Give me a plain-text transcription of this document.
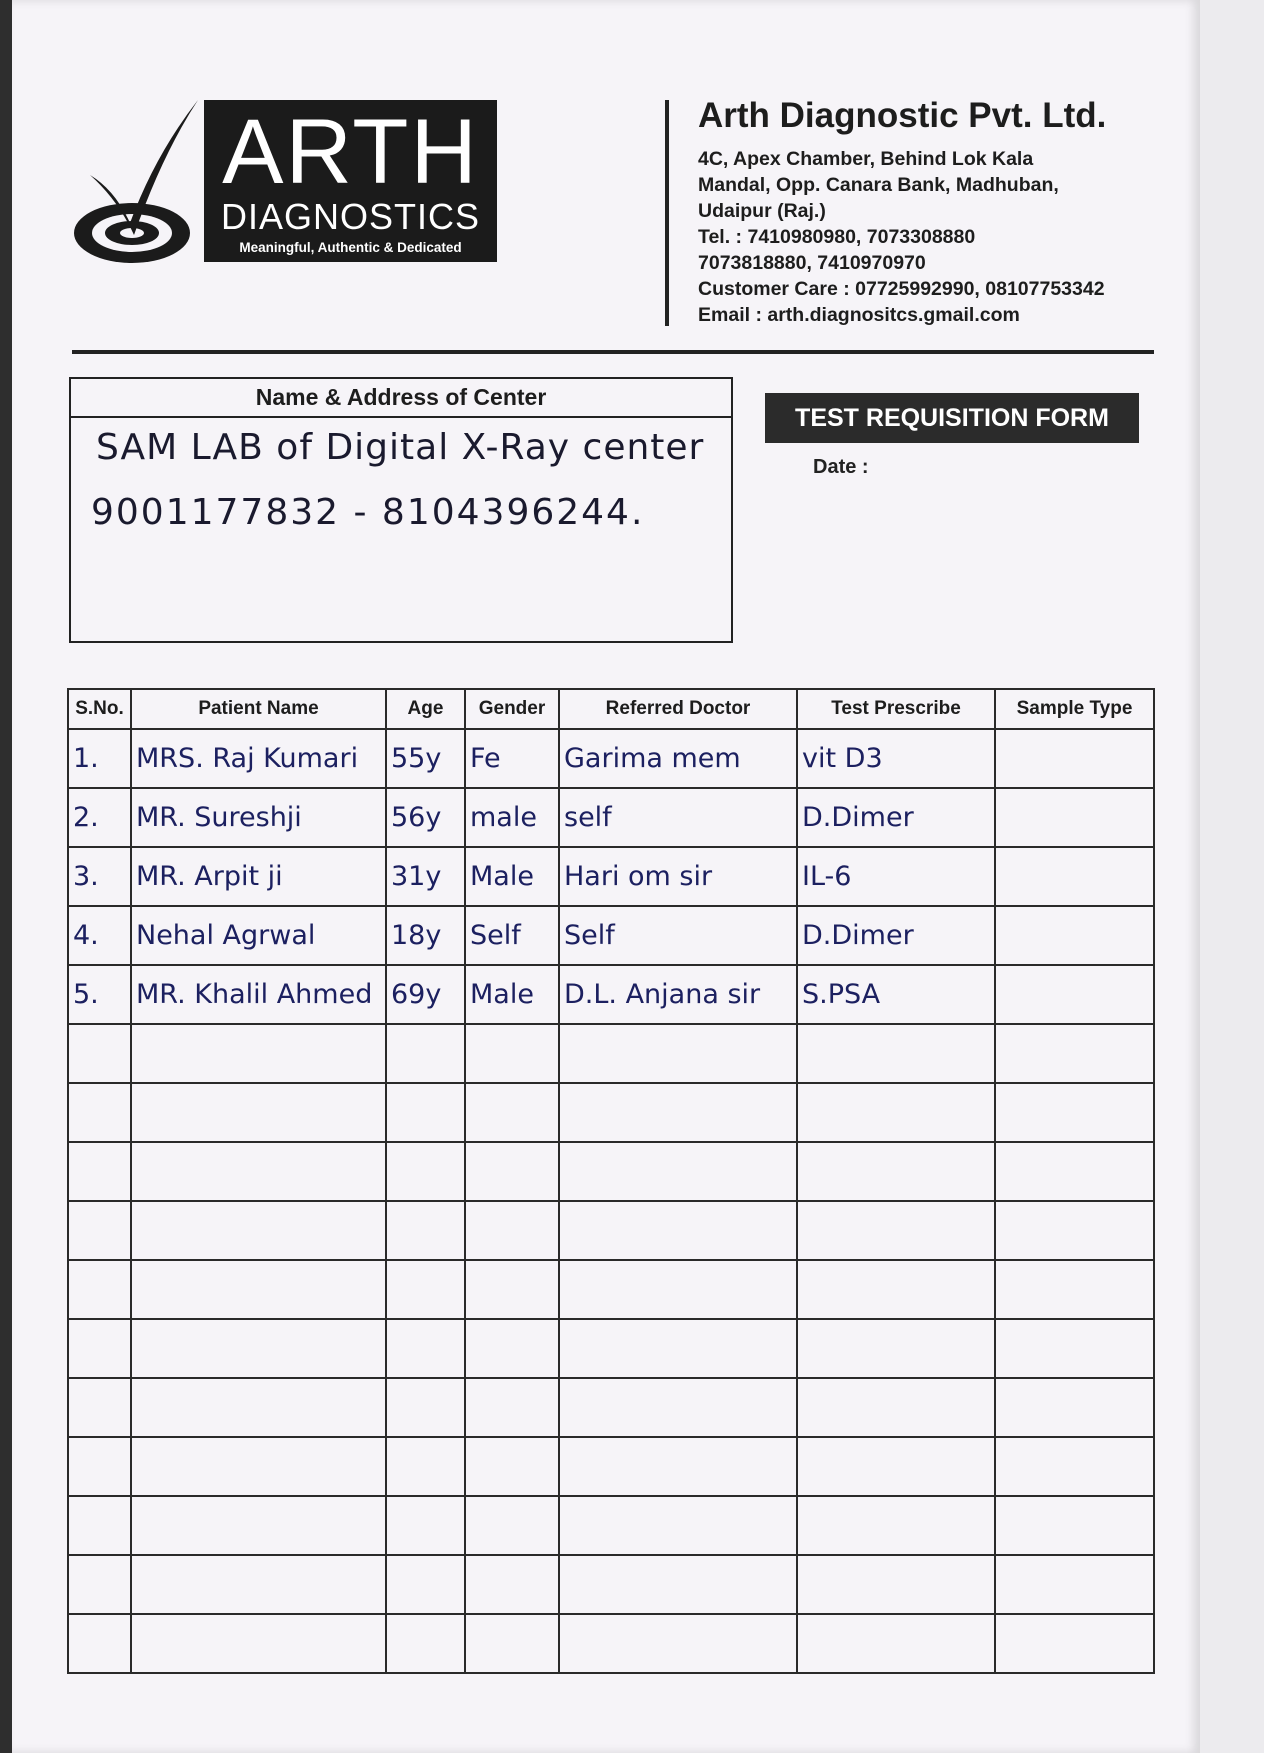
ARTH
DIAGNOSTICS
Meaningful, Authentic & Dedicated
Arth Diagnostic Pvt. Ltd.
4C, Apex Chamber, Behind Lok Kala
Mandal, Opp. Canara Bank, Madhuban,
Udaipur (Raj.)
Tel. : 7410980980, 7073308880
7073818880, 7410970970
Customer Care : 07725992990, 08107753342
Email : arth.diagnositcs.gmail.com
Name & Address of Center
SAM LAB of Digital X-Ray center
9001177832 - 8104396244.
TEST REQUISITION FORM
Date :
S.No.	Patient Name	Age	Gender	Referred Doctor	Test Prescribe	Sample Type
1.	MRS. Raj Kumari	55y	Fe	Garima mem	vit D3	
2.	MR. Sureshji	56y	male	self	D.Dimer	
3.	MR. Arpit ji	31y	Male	Hari om sir	IL-6	
4.	Nehal Agrwal	18y	Self	Self	D.Dimer	
5.	MR. Khalil Ahmed	69y	Male	D.L. Anjana sir	S.PSA	
